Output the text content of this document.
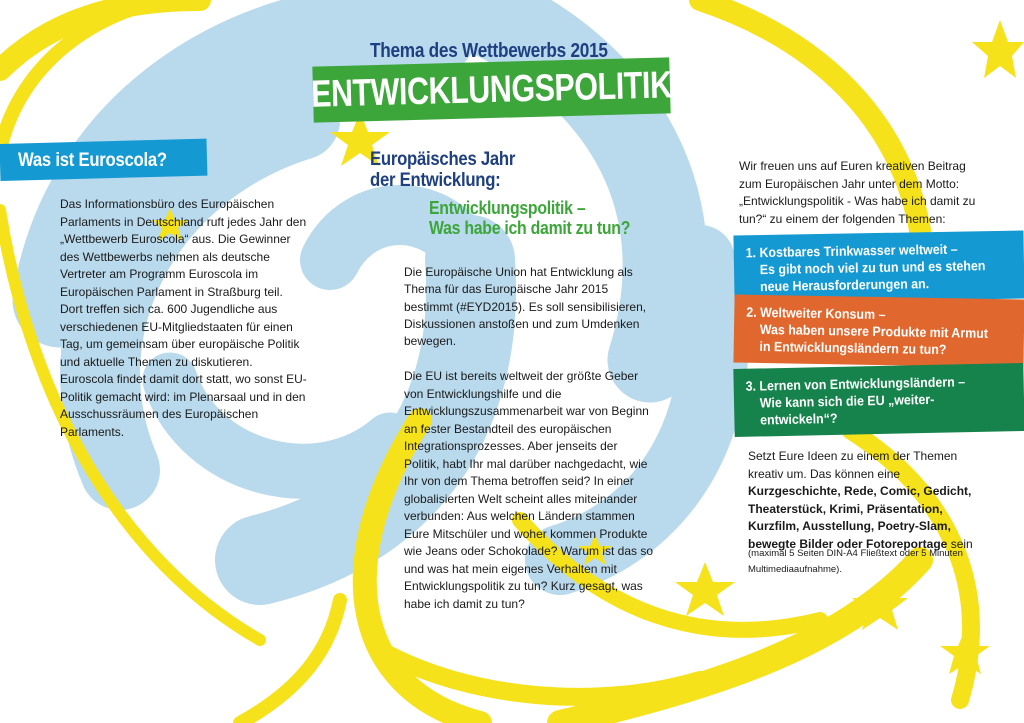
Thema des Wettbewerbs 2015
ENTWICKLUNGSPOLITIK
Was ist Euroscola?

Das Informationsbüro des Europäischen Parlaments in Deutschland ruft jedes Jahr den „Wettbewerb Euroscola“ aus. Die Gewinner des Wettbewerbs nehmen als deutsche Vertreter am Programm Euroscola im Europäischen Parlament in Straßburg teil. Dort treffen sich ca. 600 Jugendliche aus verschiedenen EU-Mitgliedstaaten für einen Tag, um gemeinsam über europäische Politik und aktuelle Themen zu diskutieren. Euroscola findet damit dort statt, wo sonst EU-Politik gemacht wird: im Plenarsaal und in den Ausschussräumen des Europäischen Parlaments.

Europäisches Jahr
der Entwicklung:
Entwicklungspolitik –
Was habe ich damit zu tun?

Die Europäische Union hat Entwicklung als Thema für das Europäische Jahr 2015 bestimmt (#EYD2015). Es soll sensibilisieren, Diskussionen anstoßen und zum Umdenken bewegen.

Die EU ist bereits weltweit der größte Geber von Entwicklungshilfe und die Entwicklungszusammenarbeit war von Beginn an fester Bestandteil des europäischen Integrationsprozesses. Aber jenseits der Politik, habt Ihr mal darüber nachgedacht, wie Ihr von dem Thema betroffen seid? In einer globalisierten Welt scheint alles miteinander verbunden: Aus welchen Ländern stammen Eure Mitschüler und woher kommen Produkte wie Jeans oder Schokolade? Warum ist das so und was hat mein eigenes Verhalten mit Entwicklungspolitik zu tun? Kurz gesagt, was habe ich damit zu tun?

Wir freuen uns auf Euren kreativen Beitrag zum Europäischen Jahr unter dem Motto: „Entwicklungspolitik - Was habe ich damit zu tun?“ zu einem der folgenden Themen:

1. Kostbares Trinkwasser weltweit –
Es gibt noch viel zu tun und es stehen
neue Herausforderungen an.
2. Weltweiter Konsum –
Was haben unsere Produkte mit Armut
in Entwicklungsländern zu tun?
3. Lernen von Entwicklungsländern –
Wie kann sich die EU „weiter-
entwickeln“?

Setzt Eure Ideen zu einem der Themen kreativ um. Das können eine Kurzgeschichte, Rede, Comic, Gedicht, Theaterstück, Krimi, Präsentation, Kurzfilm, Ausstellung, Poetry-Slam, bewegte Bilder oder Fotoreportage sein

(maximal 5 Seiten DIN-A4 Fließtext oder 5 Minuten Multimediaaufnahme).
